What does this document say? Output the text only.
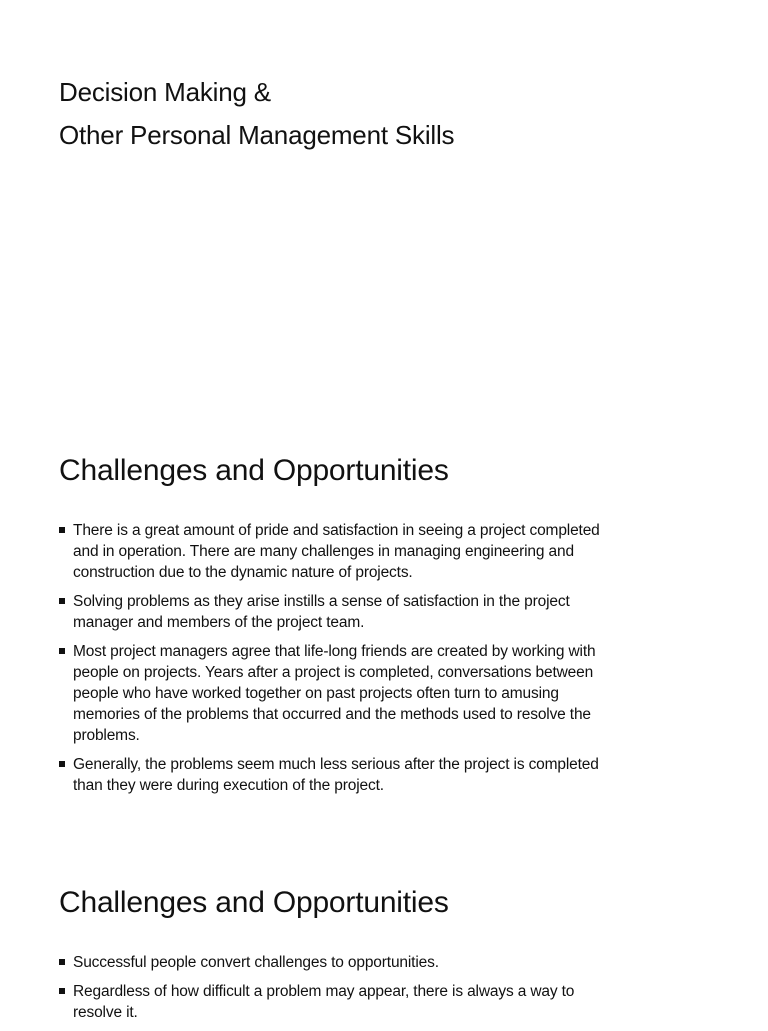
Decision Making &
Other Personal Management Skills
Challenges and Opportunities
There is a great amount of pride and satisfaction in seeing a project completed
and in operation. There are many challenges in managing engineering and
construction due to the dynamic nature of projects.
Solving problems as they arise instills a sense of satisfaction in the project
manager and members of the project team.
Most project managers agree that life-long friends are created by working with
people on projects. Years after a project is completed, conversations between
people who have worked together on past projects often turn to amusing
memories of the problems that occurred and the methods used to resolve the
problems.
Generally, the problems seem much less serious after the project is completed
than they were during execution of the project.
Challenges and Opportunities
Successful people convert challenges to opportunities.
Regardless of how difficult a problem may appear, there is always a way to
resolve it.
